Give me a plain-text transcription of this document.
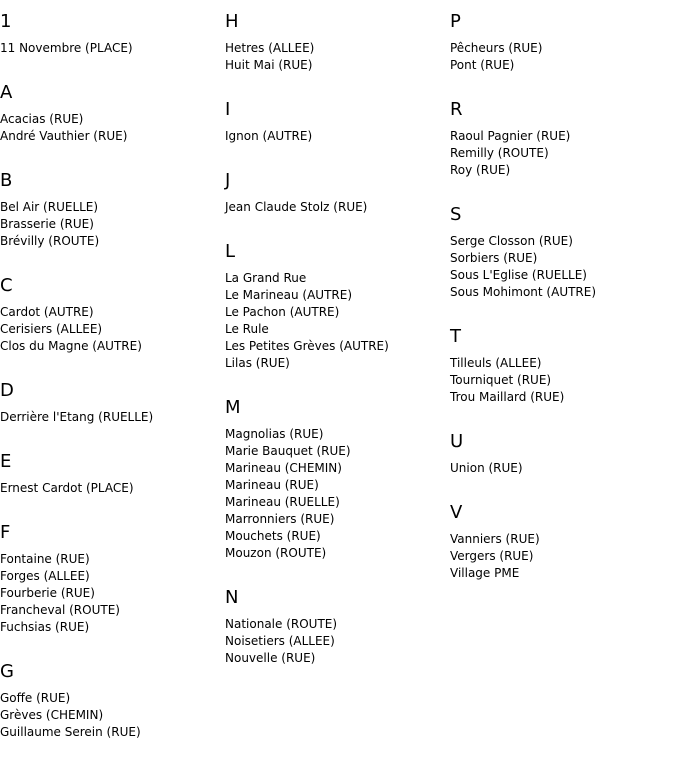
1
11 Novembre (PLACE)
A
Acacias (RUE)
André Vauthier (RUE)
B
Bel Air (RUELLE)
Brasserie (RUE)
Brévilly (ROUTE)
C
Cardot (AUTRE)
Cerisiers (ALLEE)
Clos du Magne (AUTRE)
D
Derrière l'Etang (RUELLE)
E
Ernest Cardot (PLACE)
F
Fontaine (RUE)
Forges (ALLEE)
Fourberie (RUE)
Francheval (ROUTE)
Fuchsias (RUE)
G
Goffe (RUE)
Grèves (CHEMIN)
Guillaume Serein (RUE)
H
Hetres (ALLEE)
Huit Mai (RUE)
I
Ignon (AUTRE)
J
Jean Claude Stolz (RUE)
L
La Grand Rue
Le Marineau (AUTRE)
Le Pachon (AUTRE)
Le Rule
Les Petites Grèves (AUTRE)
Lilas (RUE)
M
Magnolias (RUE)
Marie Bauquet (RUE)
Marineau (CHEMIN)
Marineau (RUE)
Marineau (RUELLE)
Marronniers (RUE)
Mouchets (RUE)
Mouzon (ROUTE)
N
Nationale (ROUTE)
Noisetiers (ALLEE)
Nouvelle (RUE)
P
Pêcheurs (RUE)
Pont (RUE)
R
Raoul Pagnier (RUE)
Remilly (ROUTE)
Roy (RUE)
S
Serge Closson (RUE)
Sorbiers (RUE)
Sous L'Eglise (RUELLE)
Sous Mohimont (AUTRE)
T
Tilleuls (ALLEE)
Tourniquet (RUE)
Trou Maillard (RUE)
U
Union (RUE)
V
Vanniers (RUE)
Vergers (RUE)
Village PME
